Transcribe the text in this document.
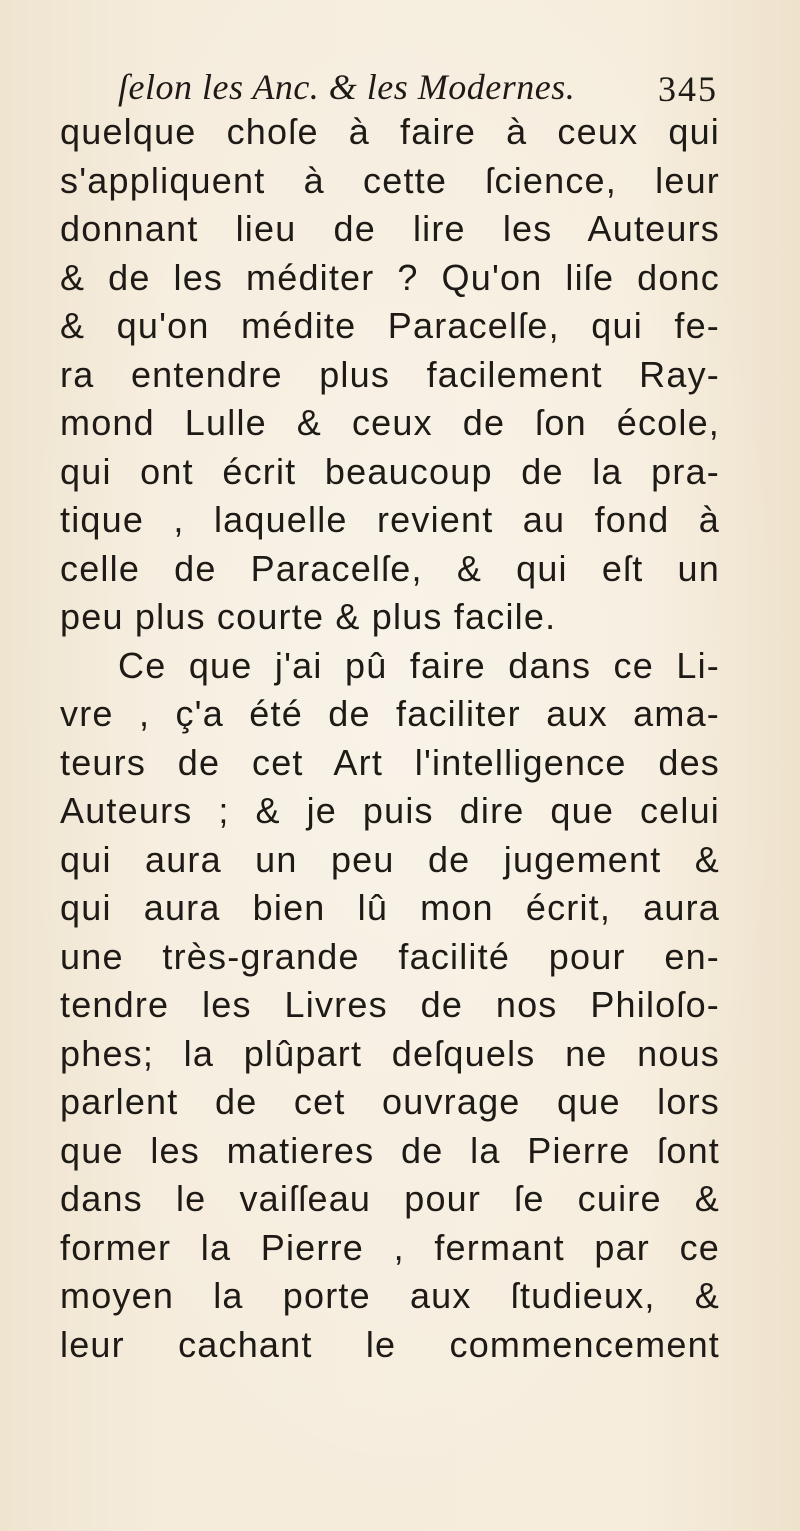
ſelon les Anc. & les Modernes. 345
quelque choſe à faire à ceux qui
s'appliquent à cette ſcience, leur
donnant lieu de lire les Auteurs
& de les méditer ? Qu'on liſe donc
& qu'on médite Paracelſe, qui fe-
ra entendre plus facilement Ray-
mond Lulle & ceux de ſon école,
qui ont écrit beaucoup de la pra-
tique , laquelle revient au fond à
celle de Paracelſe, & qui eſt un
peu plus courte & plus facile.
Ce que j'ai pû faire dans ce Li-
vre , ç'a été de faciliter aux ama-
teurs de cet Art l'intelligence des
Auteurs ; & je puis dire que celui
qui aura un peu de jugement &
qui aura bien lû mon écrit, aura
une très-grande facilité pour en-
tendre les Livres de nos Philoſo-
phes; la plûpart deſquels ne nous
parlent de cet ouvrage que lors
que les matieres de la Pierre ſont
dans le vaiſſeau pour ſe cuire &
former la Pierre , fermant par ce
moyen la porte aux ſtudieux, &
leur cachant le commencement
